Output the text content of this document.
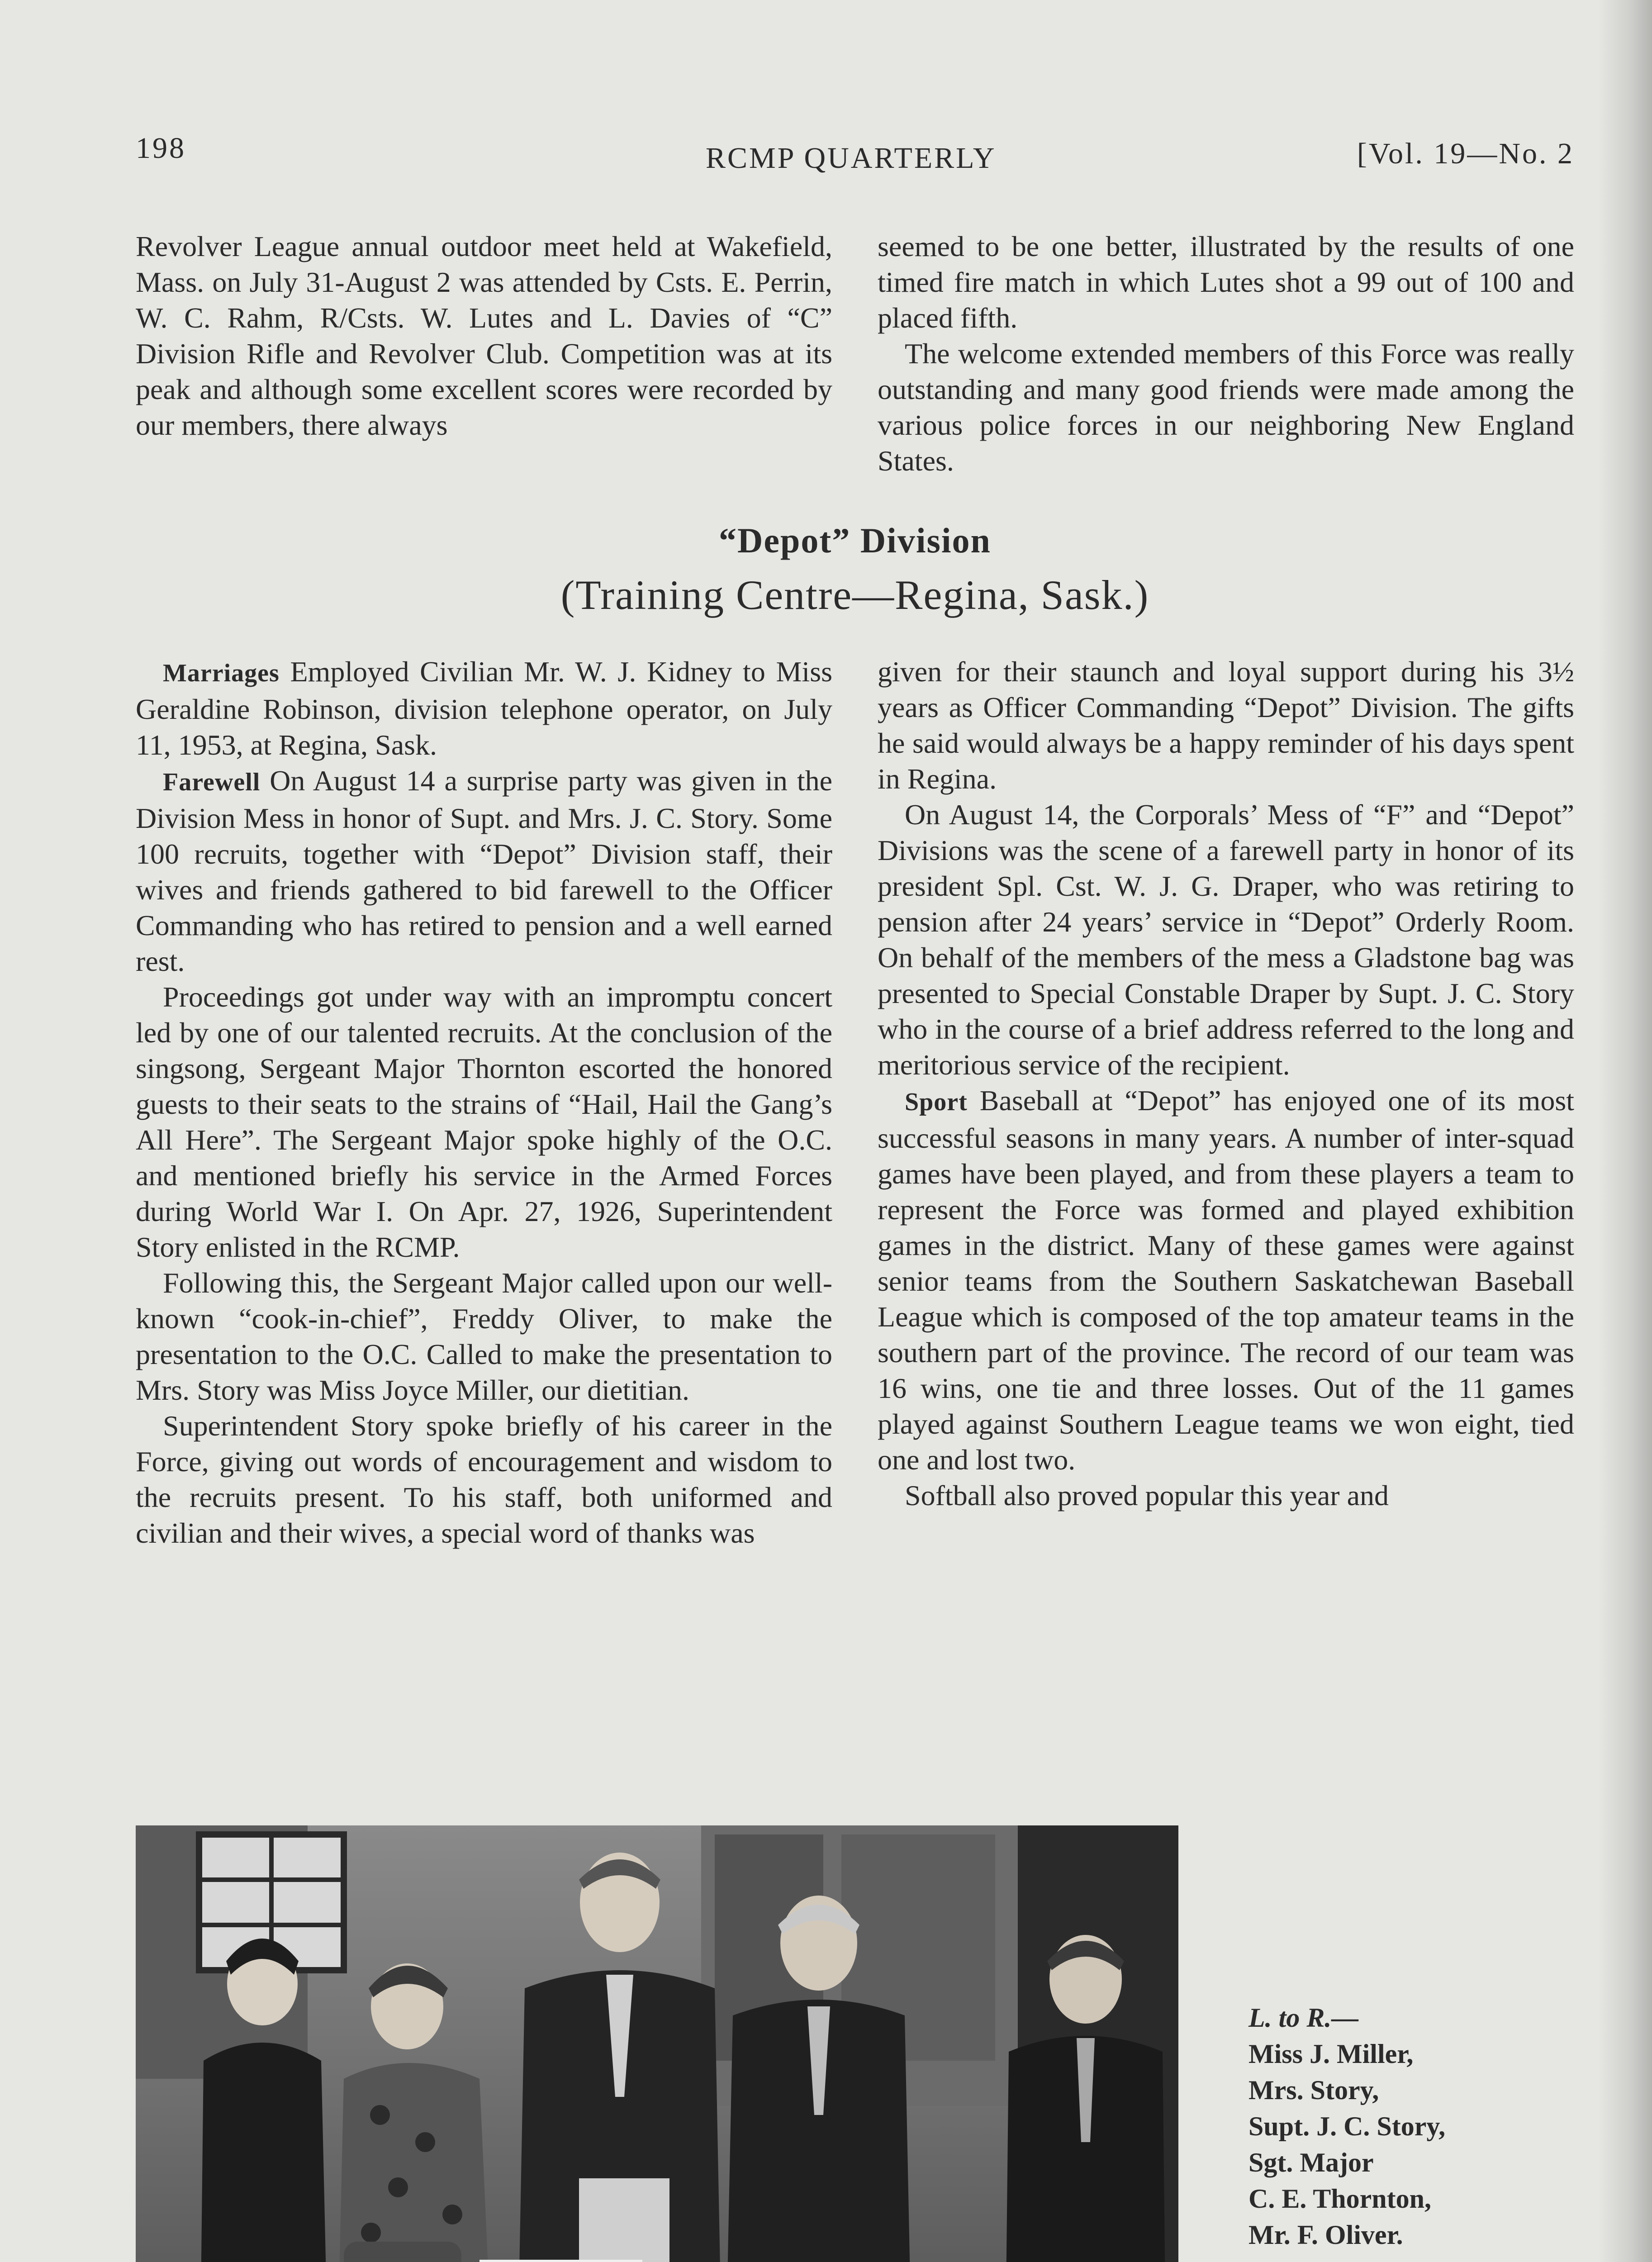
198	RCMP QUARTERLY	[Vol. 19—No. 2

Revolver League annual outdoor meet held at Wakefield, Mass. on July 31-August 2 was attended by Csts. E. Perrin, W. C. Rahm, R/Csts. W. Lutes and L. Davies of “C” Division Rifle and Revolver Club. Competition was at its peak and although some excellent scores were recorded by our members, there always

seemed to be one better, illustrated by the results of one timed fire match in which Lutes shot a 99 out of 100 and placed fifth.

The welcome extended members of this Force was really outstanding and many good friends were made among the various police forces in our neighboring New England States.

“Depot” Division
(Training Centre—Regina, Sask.)

Marriages Employed Civilian Mr. W. J. Kidney to Miss Geraldine Robinson, division telephone operator, on July 11, 1953, at Regina, Sask.

Farewell On August 14 a surprise party was given in the Division Mess in honor of Supt. and Mrs. J. C. Story. Some 100 recruits, together with “Depot” Division staff, their wives and friends gathered to bid farewell to the Officer Commanding who has retired to pension and a well earned rest.

Proceedings got under way with an impromptu concert led by one of our talented recruits. At the conclusion of the singsong, Sergeant Major Thornton escorted the honored guests to their seats to the strains of “Hail, Hail the Gang’s All Here”. The Sergeant Major spoke highly of the O.C. and mentioned briefly his service in the Armed Forces during World War I. On Apr. 27, 1926, Superintendent Story enlisted in the RCMP.

Following this, the Sergeant Major called upon our well-known “cook-in-chief”, Freddy Oliver, to make the presentation to the O.C. Called to make the presentation to Mrs. Story was Miss Joyce Miller, our dietitian.

Superintendent Story spoke briefly of his career in the Force, giving out words of encouragement and wisdom to the recruits present. To his staff, both uniformed and civilian and their wives, a special word of thanks was

given for their staunch and loyal support during his 3½ years as Officer Commanding “Depot” Division. The gifts he said would always be a happy reminder of his days spent in Regina.

On August 14, the Corporals’ Mess of “F” and “Depot” Divisions was the scene of a farewell party in honor of its president Spl. Cst. W. J. G. Draper, who was retiring to pension after 24 years’ service in “Depot” Orderly Room. On behalf of the members of the mess a Gladstone bag was presented to Special Constable Draper by Supt. J. C. Story who in the course of a brief address referred to the long and meritorious service of the recipient.

Sport Baseball at “Depot” has enjoyed one of its most successful seasons in many years. A number of inter-squad games have been played, and from these players a team to represent the Force was formed and played exhibition games in the district. Many of these games were against senior teams from the Southern Saskatchewan Baseball League which is composed of the top amateur teams in the southern part of the province. The record of our team was 16 wins, one tie and three losses. Out of the 11 games played against Southern League teams we won eight, tied one and lost two.

Softball also proved popular this year and

L. to R.—
Miss J. Miller,
Mrs. Story,
Supt. J. C. Story,
Sgt. Major
C. E. Thornton,
Mr. F. Oliver.
